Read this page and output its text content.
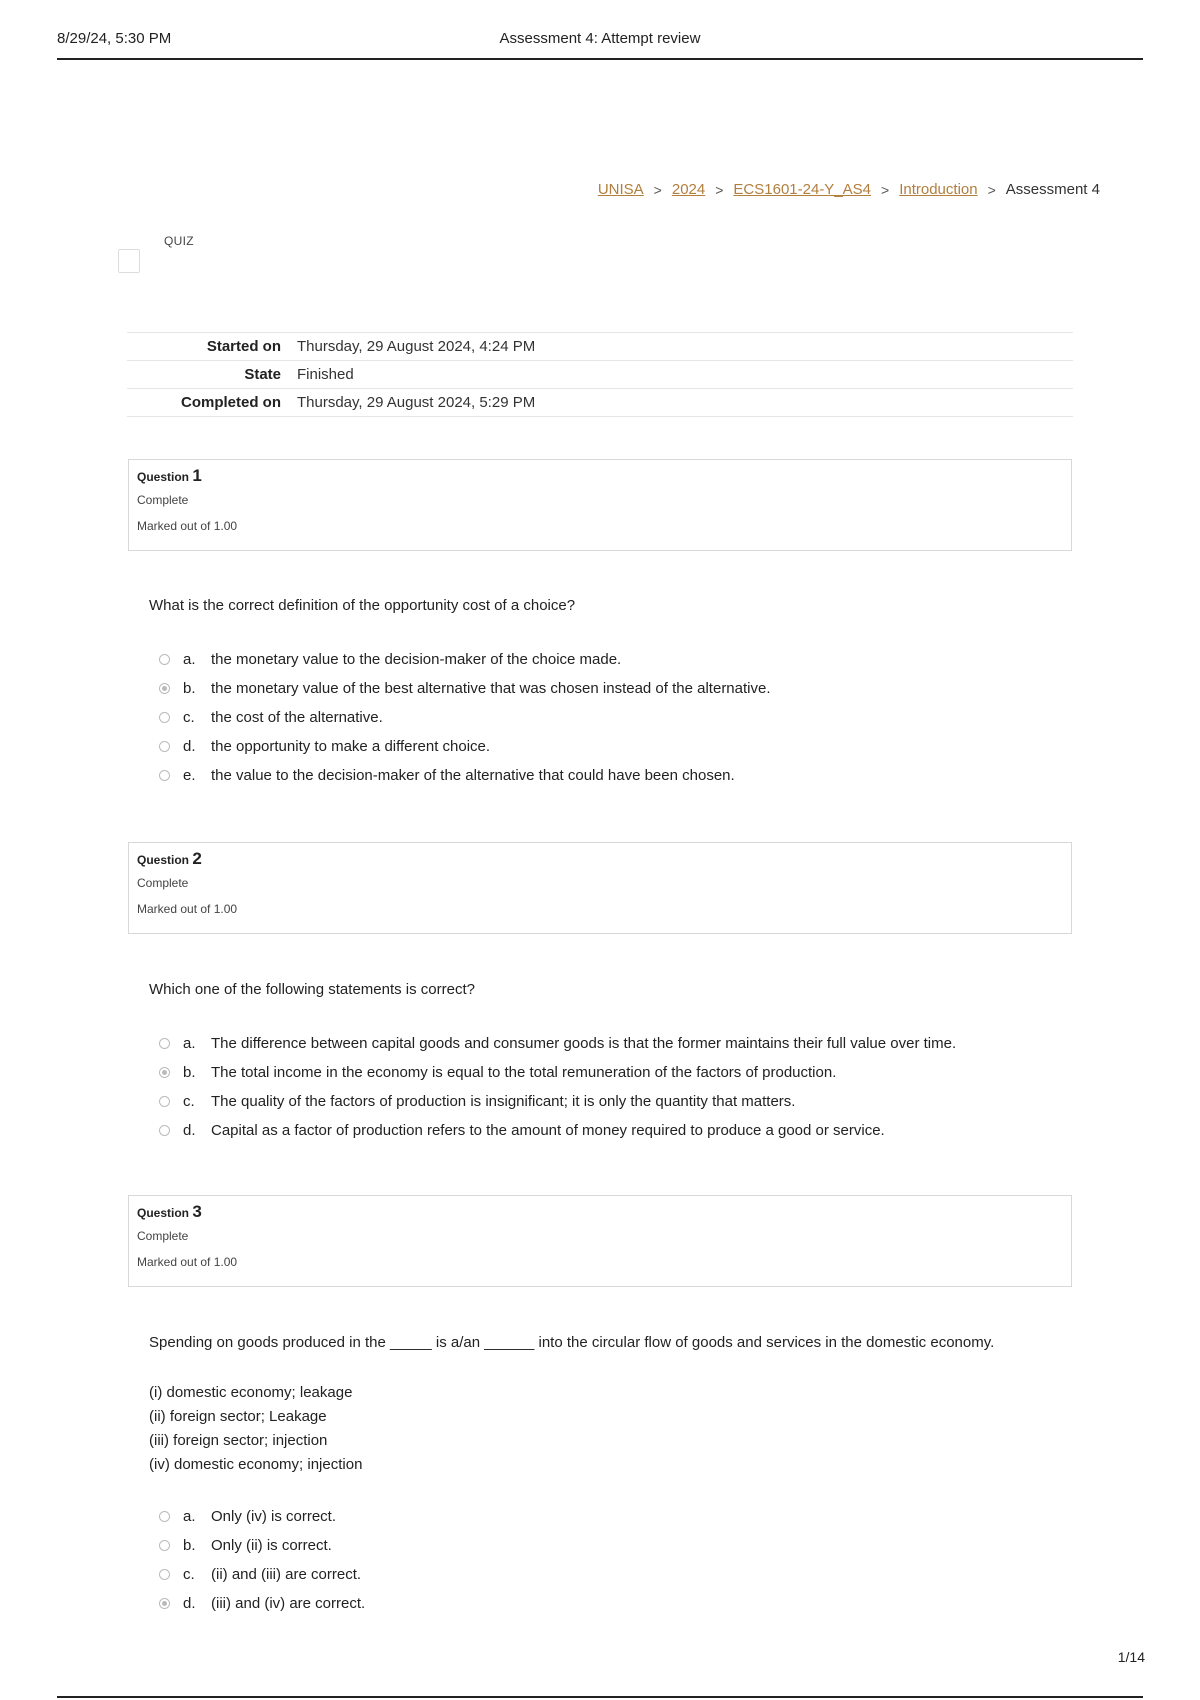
8/29/24, 5:30 PM	Assessment 4: Attempt review
UNISA > 2024 > ECS1601-24-Y_AS4 > Introduction > Assessment 4
QUIZ
Started on Thursday, 29 August 2024, 4:24 PM
State Finished
Completed on Thursday, 29 August 2024, 5:29 PM
Question 1
Complete
Marked out of 1.00
What is the correct definition of the opportunity cost of a choice?
a.	the monetary value to the decision-maker of the choice made.
b.	the monetary value of the best alternative that was chosen instead of the alternative.
c.	the cost of the alternative.
d.	the opportunity to make a different choice.
e.	the value to the decision-maker of the alternative that could have been chosen.
Question 2
Complete
Marked out of 1.00
Which one of the following statements is correct?
a.	The difference between capital goods and consumer goods is that the former maintains their full value over time.
b.	The total income in the economy is equal to the total remuneration of the factors of production.
c.	The quality of the factors of production is insignificant; it is only the quantity that matters.
d.	Capital as a factor of production refers to the amount of money required to produce a good or service.
Question 3
Complete
Marked out of 1.00
Spending on goods produced in the _____ is a/an ______ into the circular flow of goods and services in the domestic economy.
(i) domestic economy; leakage
(ii) foreign sector; Leakage
(iii) foreign sector; injection
(iv) domestic economy; injection
a.	Only (iv) is correct.
b.	Only (ii) is correct.
c.	(ii) and (iii) are correct.
d.	(iii) and (iv) are correct.
1/14
